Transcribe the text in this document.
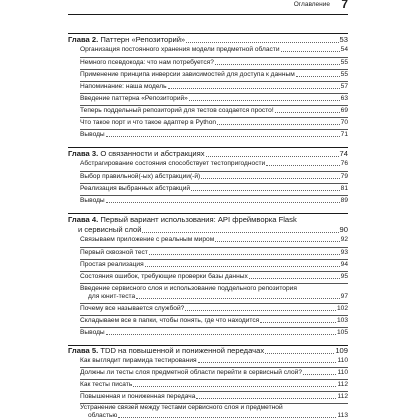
Оглавление 7
Глава 2. Паттерн «Репозиторий»	53
Организация постоянного хранения модели предметной области	54
Немного псевдокода: что нам потребуется?	55
Применение принципа инверсии зависимостей для доступа к данным	55
Напоминание: наша модель	57
Введение паттерна «Репозиторий»	63
Теперь поддельный репозиторий для тестов создается просто!	69
Что такое порт и что такое адаптер в Python	70
Выводы	71
Глава 3. О связанности и абстракциях	74
Абстрагирование состояния способствует тестопригодности	76
Выбор правильной(-ых) абстракции(-й)	79
Реализация выбранных абстракций	81
Выводы	89
Глава 4. Первый вариант использования: API фреймворка Flask
и сервисный слой	90
Связываем приложение с реальным миром	92
Первый сквозной тест	93
Простая реализация	94
Состояния ошибок, требующие проверки базы данных	95
Введение сервисного слоя и использование поддельного репозитория
для юнит-теста	97
Почему все называется службой?	102
Складываем все в папки, чтобы понять, где что находится	103
Выводы	105
Глава 5. TDD на повышенной и пониженной передачах	109
Как выглядит пирамида тестирования	110
Должны ли тесты слоя предметной области перейти в сервисный слой?	110
Как тесты писать	112
Повышенная и пониженная передача	112
Устранение связей между тестами сервисного слоя и предметной
областью	113
